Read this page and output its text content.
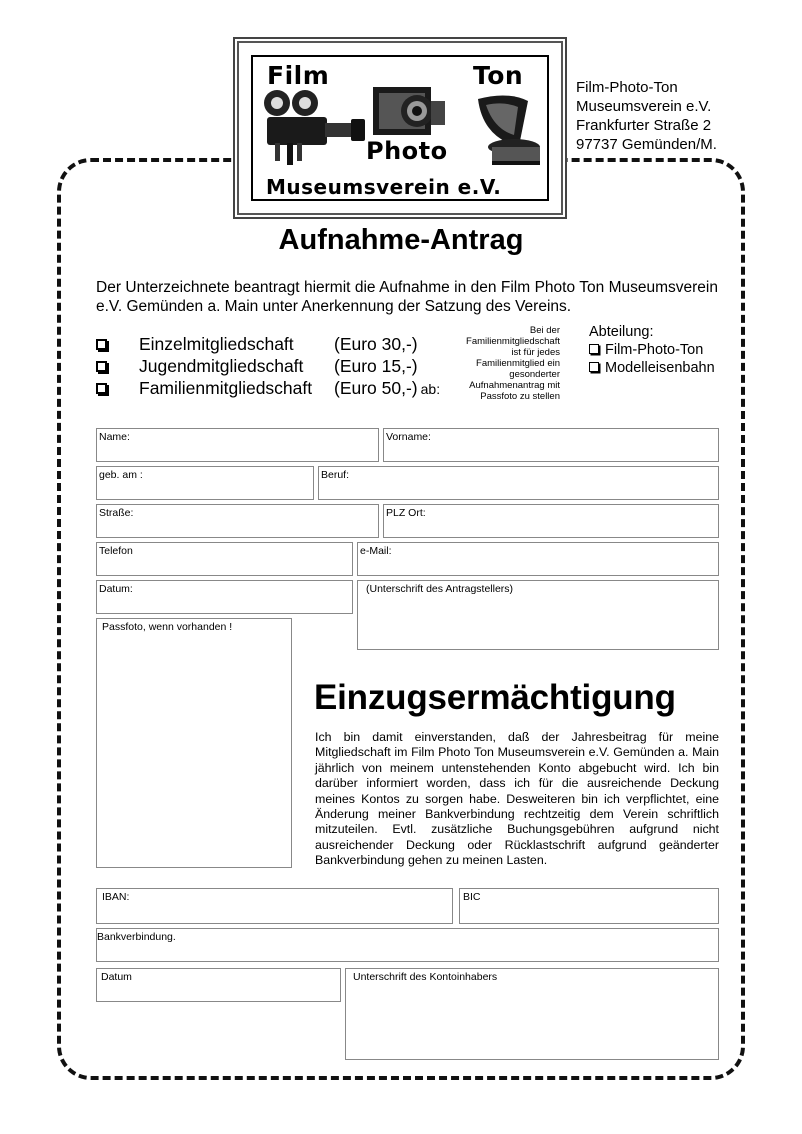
Film	Ton
Photo
Museumsverein e.V.
Film-Photo-Ton
Museumsverein e.V.
Frankfurter Straße 2
97737 Gemünden/M.
Aufnahme-Antrag
Der Unterzeichnete beantragt hiermit die Aufnahme in den Film Photo Ton Museumsverein e.V. Gemünden a. Main unter Anerkennung der Satzung des Vereins.
Einzelmitgliedschaft (Euro 30,-)
Jugendmitgliedschaft (Euro 15,-)
Familienmitgliedschaft (Euro 50,-) ab:
Bei der
Familienmitgliedschaft
ist für jedes
Familienmitglied ein
gesonderter
Aufnahmenantrag mit
Passfoto zu stellen
Abteilung:
Film-Photo-Ton
Modelleisenbahn
Name:	Vorname:
geb. am :	Beruf:
Straße:	PLZ Ort:
Telefon	e-Mail:
Datum:	(Unterschrift des Antragstellers)
Passfoto, wenn vorhanden !
Einzugsermächtigung
Ich bin damit einverstanden, daß der Jahresbeitrag für meine Mitgliedschaft im Film Photo Ton Museumsverein e.V. Gemünden a. Main jährlich von meinem untenstehenden Konto abgebucht wird. Ich bin darüber informiert worden, dass ich für die ausreichende Deckung meines Kontos zu sorgen habe. Desweiteren bin ich verpflichtet, eine Änderung meiner Bankverbindung rechtzeitig dem Verein schriftlich mitzuteilen. Evtl. zusätzliche Buchungsgebühren aufgrund nicht ausreichender Deckung oder Rücklastschrift aufgrund geänderter Bankverbindung gehen zu meinen Lasten.
IBAN:	BIC
Bankverbindung.
Datum	Unterschrift des Kontoinhabers
